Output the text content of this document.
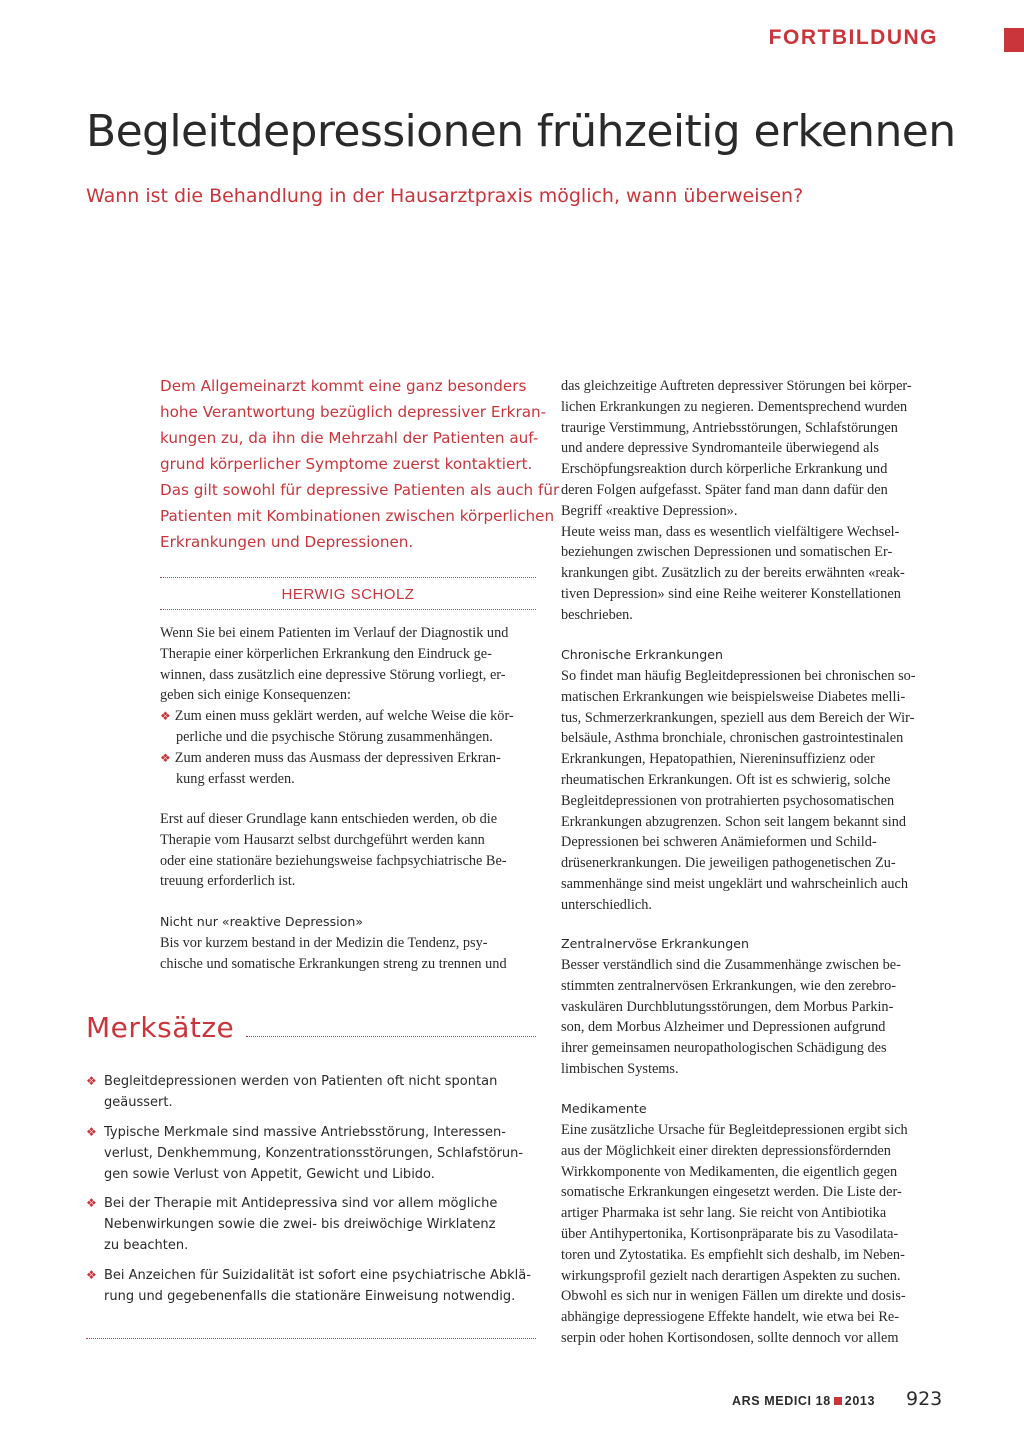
FORTBILDUNG
Begleitdepressionen frühzeitig erkennen
Wann ist die Behandlung in der Hausarztpraxis möglich, wann überweisen?

Dem Allgemeinarzt kommt eine ganz besonders

hohe Verantwortung bezüglich depressiver Erkran-

kungen zu, da ihn die Mehrzahl der Patienten auf-

grund körperlicher Symptome zuerst kontaktiert.

Das gilt sowohl für depressive Patienten als auch für

Patienten mit Kombinationen zwischen körperlichen

Erkrankungen und Depressionen.

HERWIG SCHOLZ

Wenn Sie bei einem Patienten im Verlauf der Diagnostik und

Therapie einer körperlichen Erkrankung den Eindruck ge-

winnen, dass zusätzlich eine depressive Störung vorliegt, er-

geben sich einige Konsequenzen:

❖ Zum einen muss geklärt werden, auf welche Weise die kör-

perliche und die psychische Störung zusammenhängen.

❖ Zum anderen muss das Ausmass der depressiven Erkran-

kung erfasst werden.

Erst auf dieser Grundlage kann entschieden werden, ob die

Therapie vom Hausarzt selbst durchgeführt werden kann

oder eine stationäre beziehungsweise fachpsychiatrische Be-

treuung erforderlich ist.

Nicht nur «reaktive Depression»

Bis vor kurzem bestand in der Medizin die Tendenz, psy-

chische und somatische Erkrankungen streng zu trennen und

Merksätze
❖ Begleitdepressionen werden von Patienten oft nicht spontan

geäussert.

❖ Typische Merkmale sind massive Antriebsstörung, Interessen-

verlust, Denkhemmung, Konzentrationsstörungen, Schlafstörun-

gen sowie Verlust von Appetit, Gewicht und Libido.

❖ Bei der Therapie mit Antidepressiva sind vor allem mögliche

Nebenwirkungen sowie die zwei- bis dreiwöchige Wirklatenz

zu beachten.

❖ Bei Anzeichen für Suizidalität ist sofort eine psychiatrische Abklä-

rung und gegebenenfalls die stationäre Einweisung notwendig.

das gleichzeitige Auftreten depressiver Störungen bei körper-

lichen Erkrankungen zu negieren. Dementsprechend wurden

traurige Verstimmung, Antriebsstörungen, Schlafstörungen

und andere depressive Syndromanteile überwiegend als

Erschöpfungsreaktion durch körperliche Erkrankung und

deren Folgen aufgefasst. Später fand man dann dafür den

Begriff «reaktive Depression».

Heute weiss man, dass es wesentlich vielfältigere Wechsel-

beziehungen zwischen Depressionen und somatischen Er-

krankungen gibt. Zusätzlich zu der bereits erwähnten «reak-

tiven Depression» sind eine Reihe weiterer Konstellationen

beschrieben.

Chronische Erkrankungen

So findet man häufig Begleitdepressionen bei chronischen so-

matischen Erkrankungen wie beispielsweise Diabetes melli-

tus, Schmerzerkrankungen, speziell aus dem Bereich der Wir-

belsäule, Asthma bronchiale, chronischen gastrointestinalen

Erkrankungen, Hepatopathien, Niereninsuffizienz oder

rheumatischen Erkrankungen. Oft ist es schwierig, solche

Begleitdepressionen von protrahierten psychosomatischen

Erkrankungen abzugrenzen. Schon seit langem bekannt sind

Depressionen bei schweren Anämieformen und Schild-

drüsenerkrankungen. Die jeweiligen pathogenetischen Zu-

sammenhänge sind meist ungeklärt und wahrscheinlich auch

unterschiedlich.

Zentralnervöse Erkrankungen

Besser verständlich sind die Zusammenhänge zwischen be-

stimmten zentralnervösen Erkrankungen, wie den zerebro-

vaskulären Durchblutungsstörungen, dem Morbus Parkin-

son, dem Morbus Alzheimer und Depressionen aufgrund

ihrer gemeinsamen neuropathologischen Schädigung des

limbischen Systems.

Medikamente

Eine zusätzliche Ursache für Begleitdepressionen ergibt sich

aus der Möglichkeit einer direkten depressionsfördernden

Wirkkomponente von Medikamenten, die eigentlich gegen

somatische Erkrankungen eingesetzt werden. Die Liste der-

artiger Pharmaka ist sehr lang. Sie reicht von Antibiotika

über Antihypertonika, Kortisonpräparate bis zu Vasodilata-

toren und Zytostatika. Es empfiehlt sich deshalb, im Neben-

wirkungsprofil gezielt nach derartigen Aspekten zu suchen.

Obwohl es sich nur in wenigen Fällen um direkte und dosis-

abhängige depressiogene Effekte handelt, wie etwa bei Re-

serpin oder hohen Kortisondosen, sollte dennoch vor allem

ARS MEDICI 18 2013 923
